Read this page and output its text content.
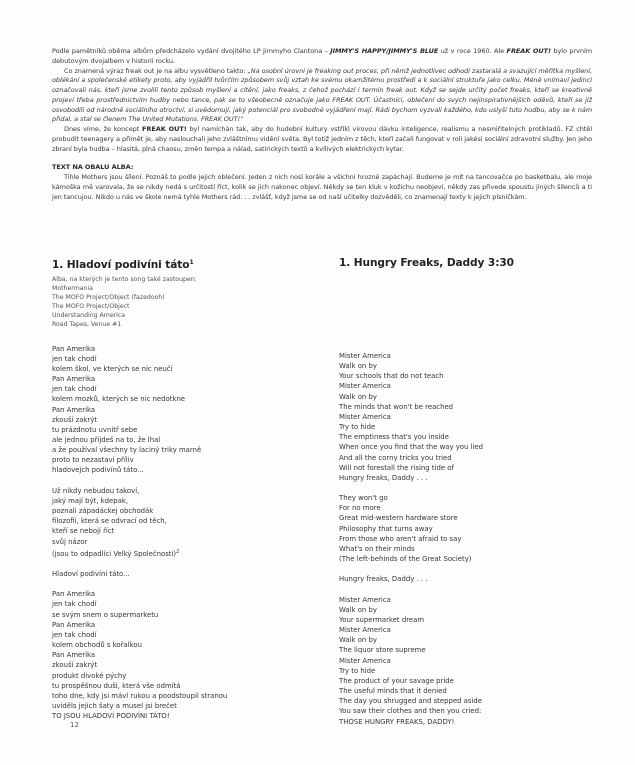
Podle pamětníků oběma albům předcházelo vydání dvojitého LP Jimmyho Clantona – JIMMY'S HAPPY/JIMMY'S BLUE už v roce 1960. Ale FREAK OUT! bylo prvním debutovým dvojalbem v historii rocku.

Co znamená výraz freak out je na albu vysvětleno takto: „Na osobní úrovni je freaking out proces, při němž jednotlivec odhodí zastaralá a svazující měřítka myšlení, oblékání a společenské etikety proto, aby vyjádřil tvůrčím způsobem svůj vztah ke svému okamžitému prostředí a k sociální struktuře jako celku. Méně vnímaví jedinci označovali nás, kteří jsme zvolili tento způsob myšlení a cítění, jako freaks, z čehož pochází i termín freak out. Když se sejde určitý počet freaks, kteří se kreativně projeví třeba prostřednictvím hudby nebo tance, pak se to všeobecně označuje jako FREAK OUT. Účastníci, oblečení do svých nejinspirativnějších oděvů, kteří se již osvobodili od národně sociálního otroctví, si uvědomují, jaký potenciál pro svobodné vyjádření mají. Rádi bychom vyzvali každého, kdo uslyší tuto hudbu, aby se k nám přidal, a stal se členem The United Mutations. FREAK OUT!“

Dnes víme, že koncept FREAK OUT! byl namíchán tak, aby do hudební kultury vstříkl virovou dávku inteligence, realismu a nesmiřitelných protikladů. FZ chtěl probudit teenagery a přimět je, aby naslouchali jeho zvláštnímu vidění světa. Byl totiž jedním z těch, kteří začali fungovat v roli jakési sociální zdravotní služby. Jen jeho zbraní byla hudba – hlasitá, plná chaosu, změn tempa a nálad, satirických textů a kvílivých elektrických kytar.

TEXT NA OBALU ALBA:

Tihle Mothers jsou šílení. Poznáš to podle jejich oblečení. Jeden z nich nosí korále a všichni hrozně zapáchají. Budeme je mít na tancovačce po basketbalu, ale moje kámoška mě varovala, že se nikdy nedá s určitostí říct, kolik se jich nakonec objeví. Někdy se ten kluk v kožichu neobjeví, někdy zas přivede spoustu jiných šílenců a ti jen tancujou. Nikdo u nás ve škole nemá tyhle Mothers rád. . . zvlášť, když jsme se od naší učitelky dozvěděli, co znamenají texty k jejich písničkám.

1. Hladoví podivíni táto$^1$
Alba, na kterých je tento song také zastoupen:
Mothermania
The MOFO Project/Object (fazedooh)
The MOFO Project/Object
Understanding America
Road Tapes, Venue #1
Pan Amerika
jen tak chodí
kolem škol, ve kterých se nic neučí
Pan Amerika
jen tak chodí
kolem mozků, kterých se nic nedotkne
Pan Amerika
zkouší zakrýt
tu prázdnotu uvnitř sebe
ale jednou přijdeš na to, že lhal
a že používal všechny ty laciný triky marně
proto to nezastaví příliv
hladovejch podivínů táto...
Už nikdy nebudou takoví,
jaký mají být, kdepak,
poznali západáckej obchodák
filozofii, která se odvrací od těch,
kteří se nebojí říct
svůj názor
(jsou to odpadlíci Velký Společnosti)$^2$
Hladoví podivíni táto...
Pan Amerika
jen tak chodí
se svým snem o supermarketu
Pan Amerika
jen tak chodí
kolem obchodů s kořalkou
Pan Amerika
zkouší zakrýt
produkt divoké pýchy
tu prospěšnou duši, která vše odmítá
toho dne, kdy jsi mávl rukou a poodstoupil stranou
uviděls jejich šaty a musel jsi brečet
TO JSOU HLADOVÍ PODIVÍNI TÁTO!
1. Hungry Freaks, Daddy 3:30
Mister America
Walk on by
Your schools that do not teach
Mister America
Walk on by
The minds that won't be reached
Mister America
Try to hide
The emptiness that's you inside
When once you find that the way you lied
And all the corny tricks you tried
Will not forestall the rising tide of
Hungry freaks, Daddy . . .
They won't go
For no more
Great mid-western hardware store
Philosophy that turns away
From those who aren't afraid to say
What's on their minds
(The left-behinds of the Great Society)
Hungry freaks, Daddy . . .
Mister America
Walk on by
Your supermarket dream
Mister America
Walk on by
The liquor store supreme
Mister America
Try to hide
The product of your savage pride
The useful minds that it denied
The day you shrugged and stepped aside
You saw their clothes and then you cried:
THOSE HUNGRY FREAKS, DADDY!
12
